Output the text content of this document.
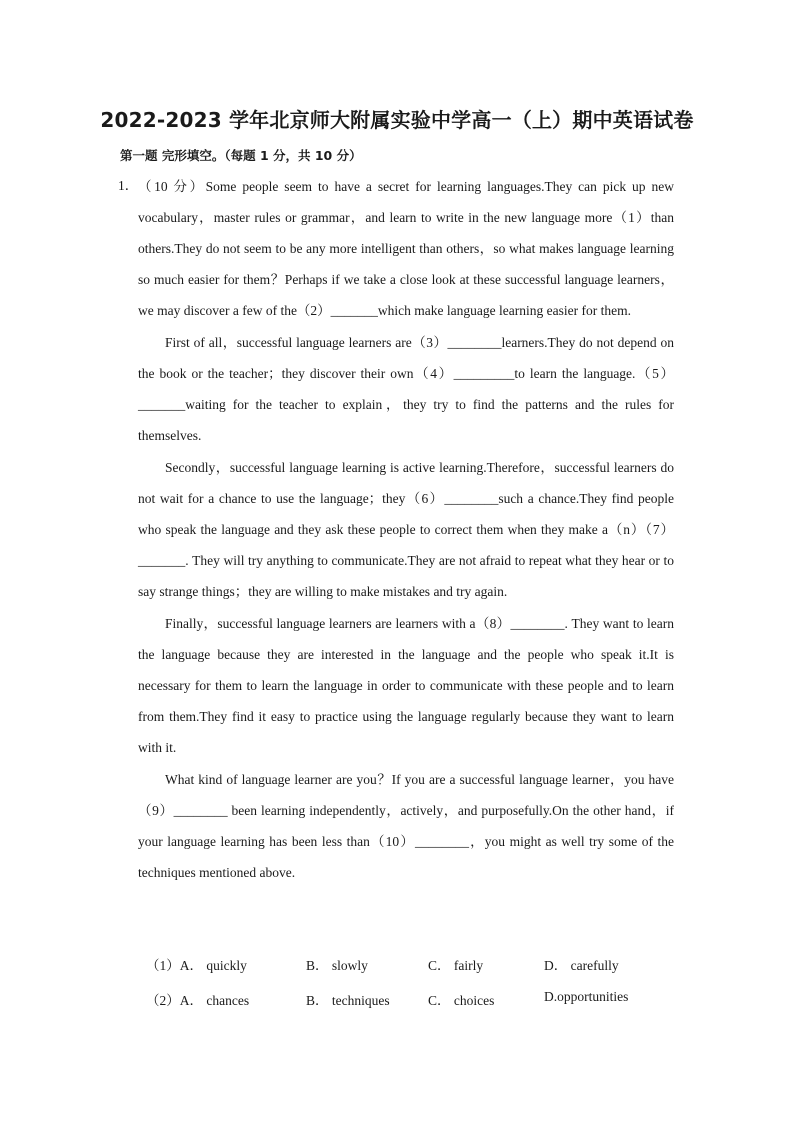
2022-2023 学年北京师大附属实验中学高一（上）期中英语试卷
第一题 完形填空。（每题 1 分，共 10 分）
1． （10 分）Some people seem to have a secret for learning languages.They can pick up new vocabulary，master rules or grammar，and learn to write in the new language more（1）than others.They do not seem to be any more intelligent than others，so what makes language learning so much easier for them？Perhaps if we take a close look at these successful language learners，we may discover a few of the（2）_______which make language learning easier for them.

First of all，successful language learners are（3）________learners.They do not depend on the book or the teacher；they discover their own（4）_________to learn the language.（5）_______waiting for the teacher to explain，they try to find the patterns and the rules for themselves.

Secondly，successful language learning is active learning.Therefore，successful learners do not wait for a chance to use the language；they（6）________such a chance.They find people who speak the language and they ask these people to correct them when they make a（n）（7）_______. They will try anything to communicate.They are not afraid to repeat what they hear or to say strange things；they are willing to make mistakes and try again.

Finally，successful language learners are learners with a（8）________. They want to learn the language because they are interested in the language and the people who speak it.It is necessary for them to learn the language in order to communicate with these people and to learn from them.They find it easy to practice using the language regularly because they want to learn with it.

What kind of language learner are you？If you are a successful language learner，you have（9）________ been learning independently，actively，and purposefully.On the other hand，if your language learning has been less than（10）________，you might as well try some of the techniques mentioned above.

（1）A． quickly	B． slowly	C． fairly	D． carefully
（2）A． chances	B． techniques	C． choices	D.opportunities
